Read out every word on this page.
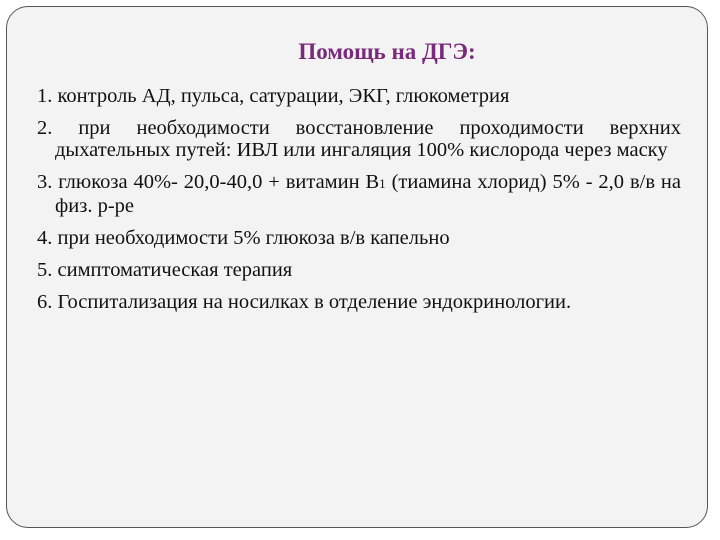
Помощь на ДГЭ:
1. контроль АД, пульса, сатурации, ЭКГ, глюкометрия
2. при необходимости восстановление проходимости верхних дыхательных путей: ИВЛ или ингаляция 100% кислорода через маску
3. глюкоза 40%- 20,0-40,0 + витамин В1 (тиамина хлорид) 5% - 2,0 в/в на физ. р-ре
4. при необходимости 5% глюкоза в/в капельно
5. симптоматическая терапия
6. Госпитализация на носилках в отделение эндокринологии.
